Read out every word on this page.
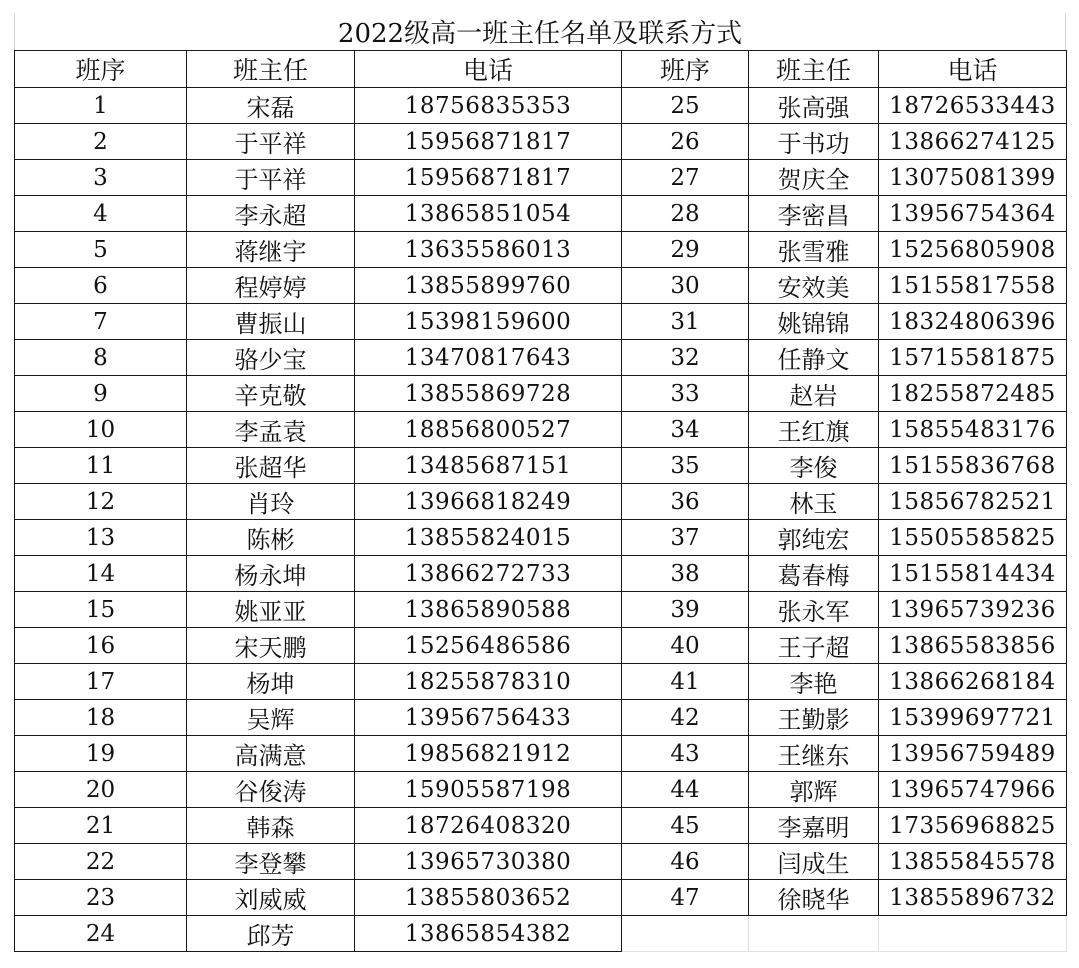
2022级高一班主任名单及联系方式
班序	班主任	电话	班序	班主任	电话
1	宋磊	18756835353	25	张高强	18726533443
2	于平祥	15956871817	26	于书功	13866274125
3	于平祥	15956871817	27	贺庆全	13075081399
4	李永超	13865851054	28	李密昌	13956754364
5	蒋继宇	13635586013	29	张雪雅	15256805908
6	程婷婷	13855899760	30	安效美	15155817558
7	曹振山	15398159600	31	姚锦锦	18324806396
8	骆少宝	13470817643	32	任静文	15715581875
9	辛克敬	13855869728	33	赵岩	18255872485
10	李孟袁	18856800527	34	王红旗	15855483176
11	张超华	13485687151	35	李俊	15155836768
12	肖玲	13966818249	36	林玉	15856782521
13	陈彬	13855824015	37	郭纯宏	15505585825
14	杨永坤	13866272733	38	葛春梅	15155814434
15	姚亚亚	13865890588	39	张永军	13965739236
16	宋天鹏	15256486586	40	王子超	13865583856
17	杨坤	18255878310	41	李艳	13866268184
18	吴辉	13956756433	42	王勤影	15399697721
19	高满意	19856821912	43	王继东	13956759489
20	谷俊涛	15905587198	44	郭辉	13965747966
21	韩森	18726408320	45	李嘉明	17356968825
22	李登攀	13965730380	46	闫成生	13855845578
23	刘威威	13855803652	47	徐晓华	13855896732
24	邱芳	13865854382			
